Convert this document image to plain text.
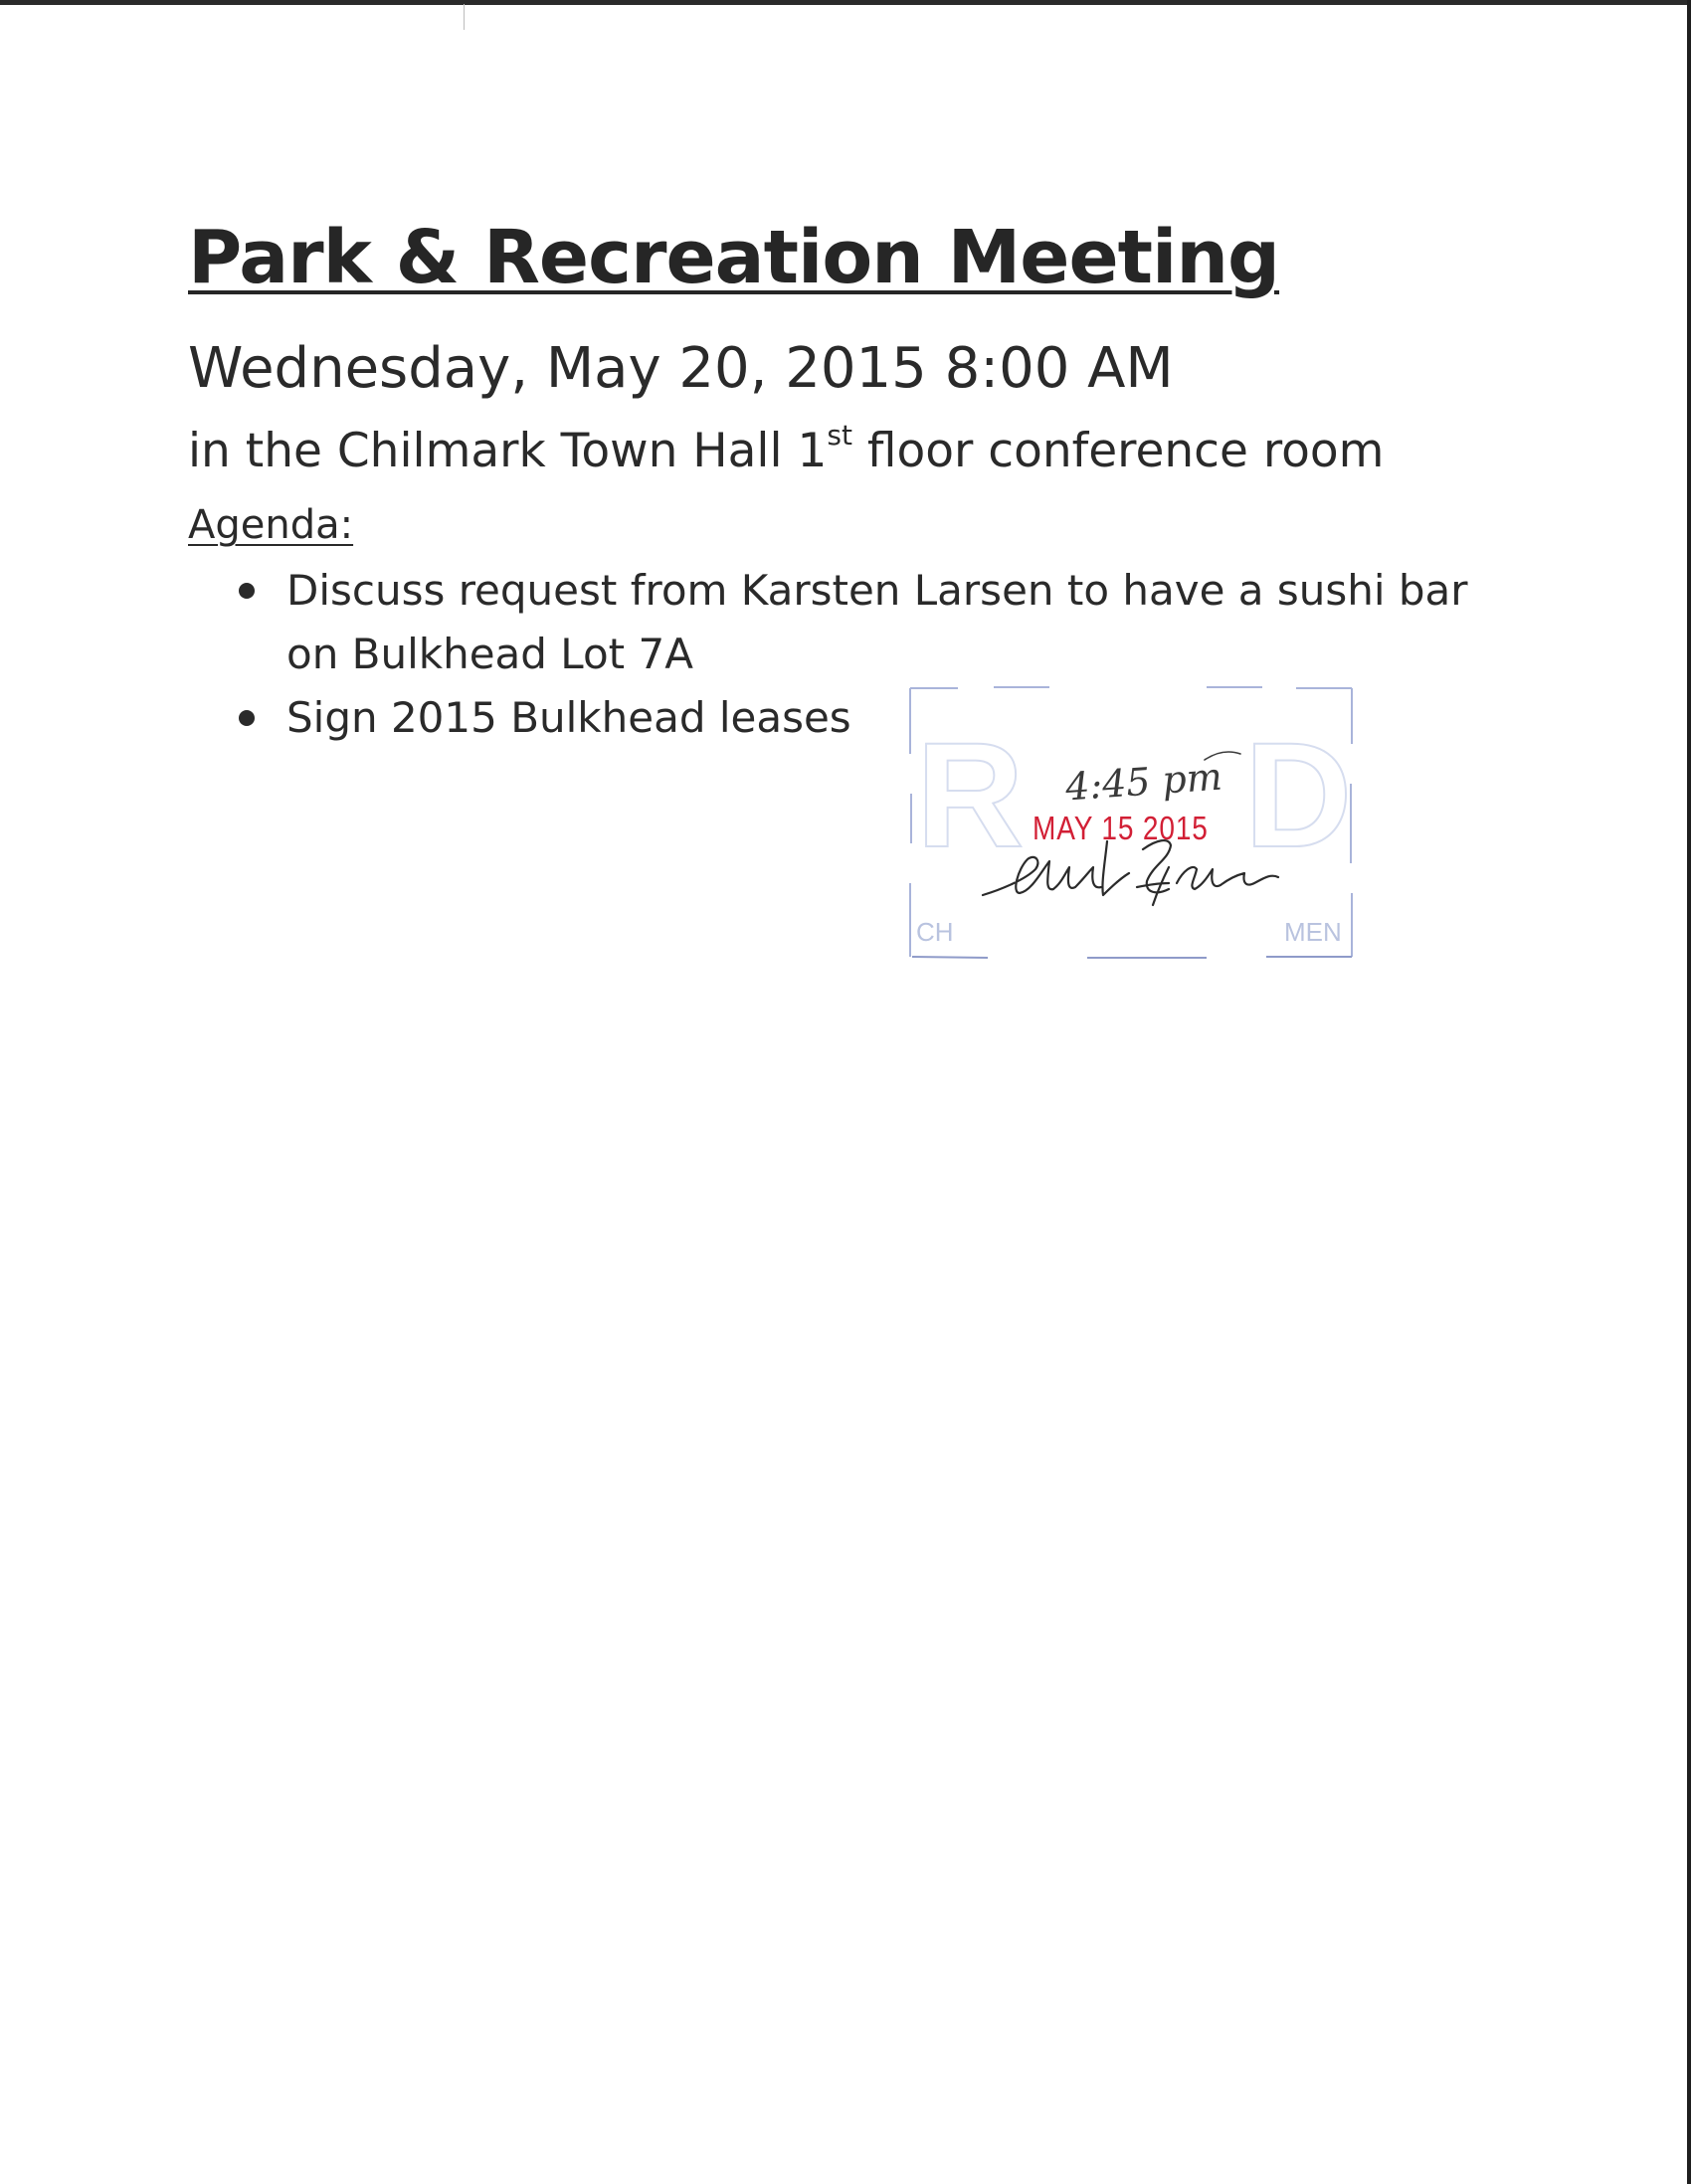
Park & Recreation Meeting
Wednesday, May 20, 2015 8:00 AM
in the Chilmark Town Hall 1st floor conference room
Agenda:
Discuss request from Karsten Larsen to have a sushi bar on Bulkhead Lot 7A
Sign 2015 Bulkhead leases R D
CH	MEN
4:45 pm
MAY 15 2015
